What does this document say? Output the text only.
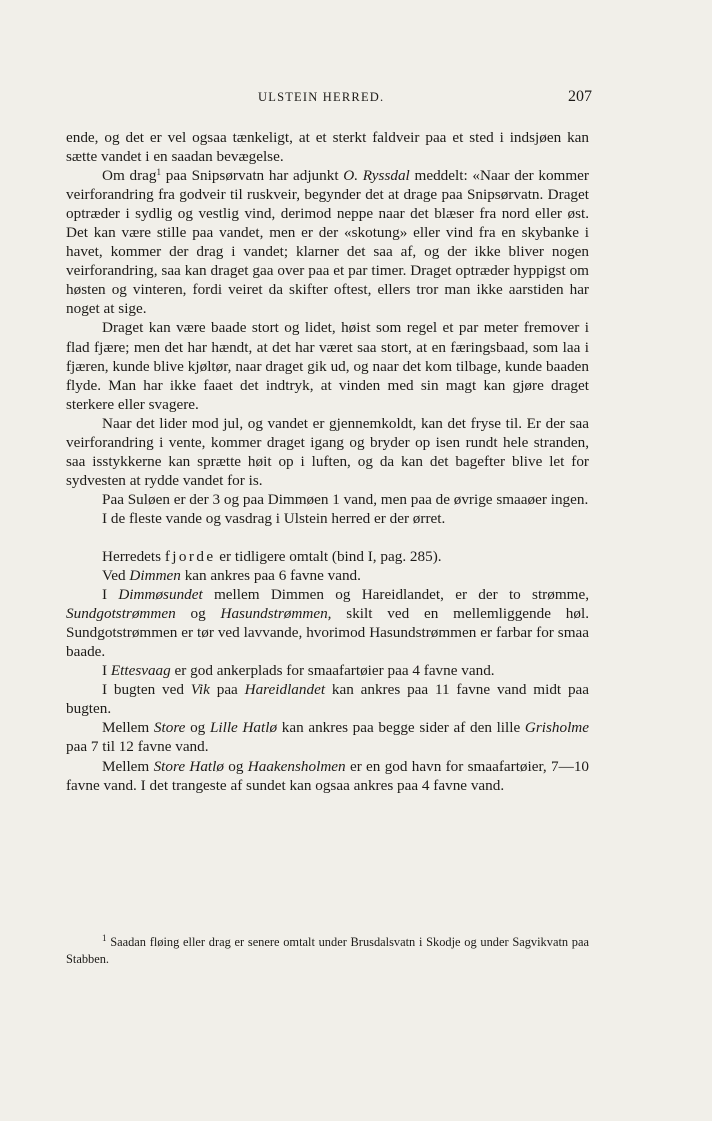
ULSTEIN HERRED.	207

ende, og det er vel ogsaa tænkeligt, at et sterkt faldveir paa et sted i indsjøen kan sætte vandet i en saadan bevægelse.

Om drag$^1$ paa Snipsørvatn har adjunkt O. Ryssdal meddelt: «Naar der kommer veirforandring fra godveir til ruskveir, begynder det at drage paa Snipsørvatn. Draget optræder i sydlig og vestlig vind, derimod neppe naar det blæser fra nord eller øst. Det kan være stille paa vandet, men er der «skotung» eller vind fra en skybanke i havet, kommer der drag i vandet; klarner det saa af, og der ikke bliver nogen veirforandring, saa kan draget gaa over paa et par timer. Draget optræder hyppigst om høsten og vinteren, fordi veiret da skifter oftest, ellers tror man ikke aarstiden har noget at sige.

Draget kan være baade stort og lidet, høist som regel et par meter fremover i flad fjære; men det har hændt, at det har været saa stort, at en færingsbaad, som laa i fjæren, kunde blive kjøltør, naar draget gik ud, og naar det kom tilbage, kunde baaden flyde. Man har ikke faaet det indtryk, at vinden med sin magt kan gjøre draget sterkere eller svagere.

Naar det lider mod jul, og vandet er gjennemkoldt, kan det fryse til. Er der saa veirforandring i vente, kommer draget igang og bryder op isen rundt hele stranden, saa isstykkerne kan sprætte høit op i luften, og da kan det bagefter blive let for sydvesten at rydde vandet for is.

Paa Suløen er der 3 og paa Dimmøen 1 vand, men paa de øvrige smaaøer ingen.

I de fleste vande og vasdrag i Ulstein herred er der ørret.

Herredets fjorde er tidligere omtalt (bind I, pag. 285).

Ved Dimmen kan ankres paa 6 favne vand.

I Dimmøsundet mellem Dimmen og Hareidlandet, er der to strømme, Sundgotstrømmen og Hasundstrømmen, skilt ved en mellemliggende høl. Sundgotstrømmen er tør ved lavvande, hvorimod Hasundstrømmen er farbar for smaa baade.

I Ettesvaag er god ankerplads for smaafartøier paa 4 favne vand.

I bugten ved Vik paa Hareidlandet kan ankres paa 11 favne vand midt paa bugten.

Mellem Store og Lille Hatlø kan ankres paa begge sider af den lille Grisholme paa 7 til 12 favne vand.

Mellem Store Hatlø og Haakensholmen er en god havn for smaafartøier, 7—10 favne vand. I det trangeste af sundet kan ogsaa ankres paa 4 favne vand.

$^1$ Saadan fløing eller drag er senere omtalt under Brusdalsvatn i Skodje og under Sagvikvatn paa Stabben.
